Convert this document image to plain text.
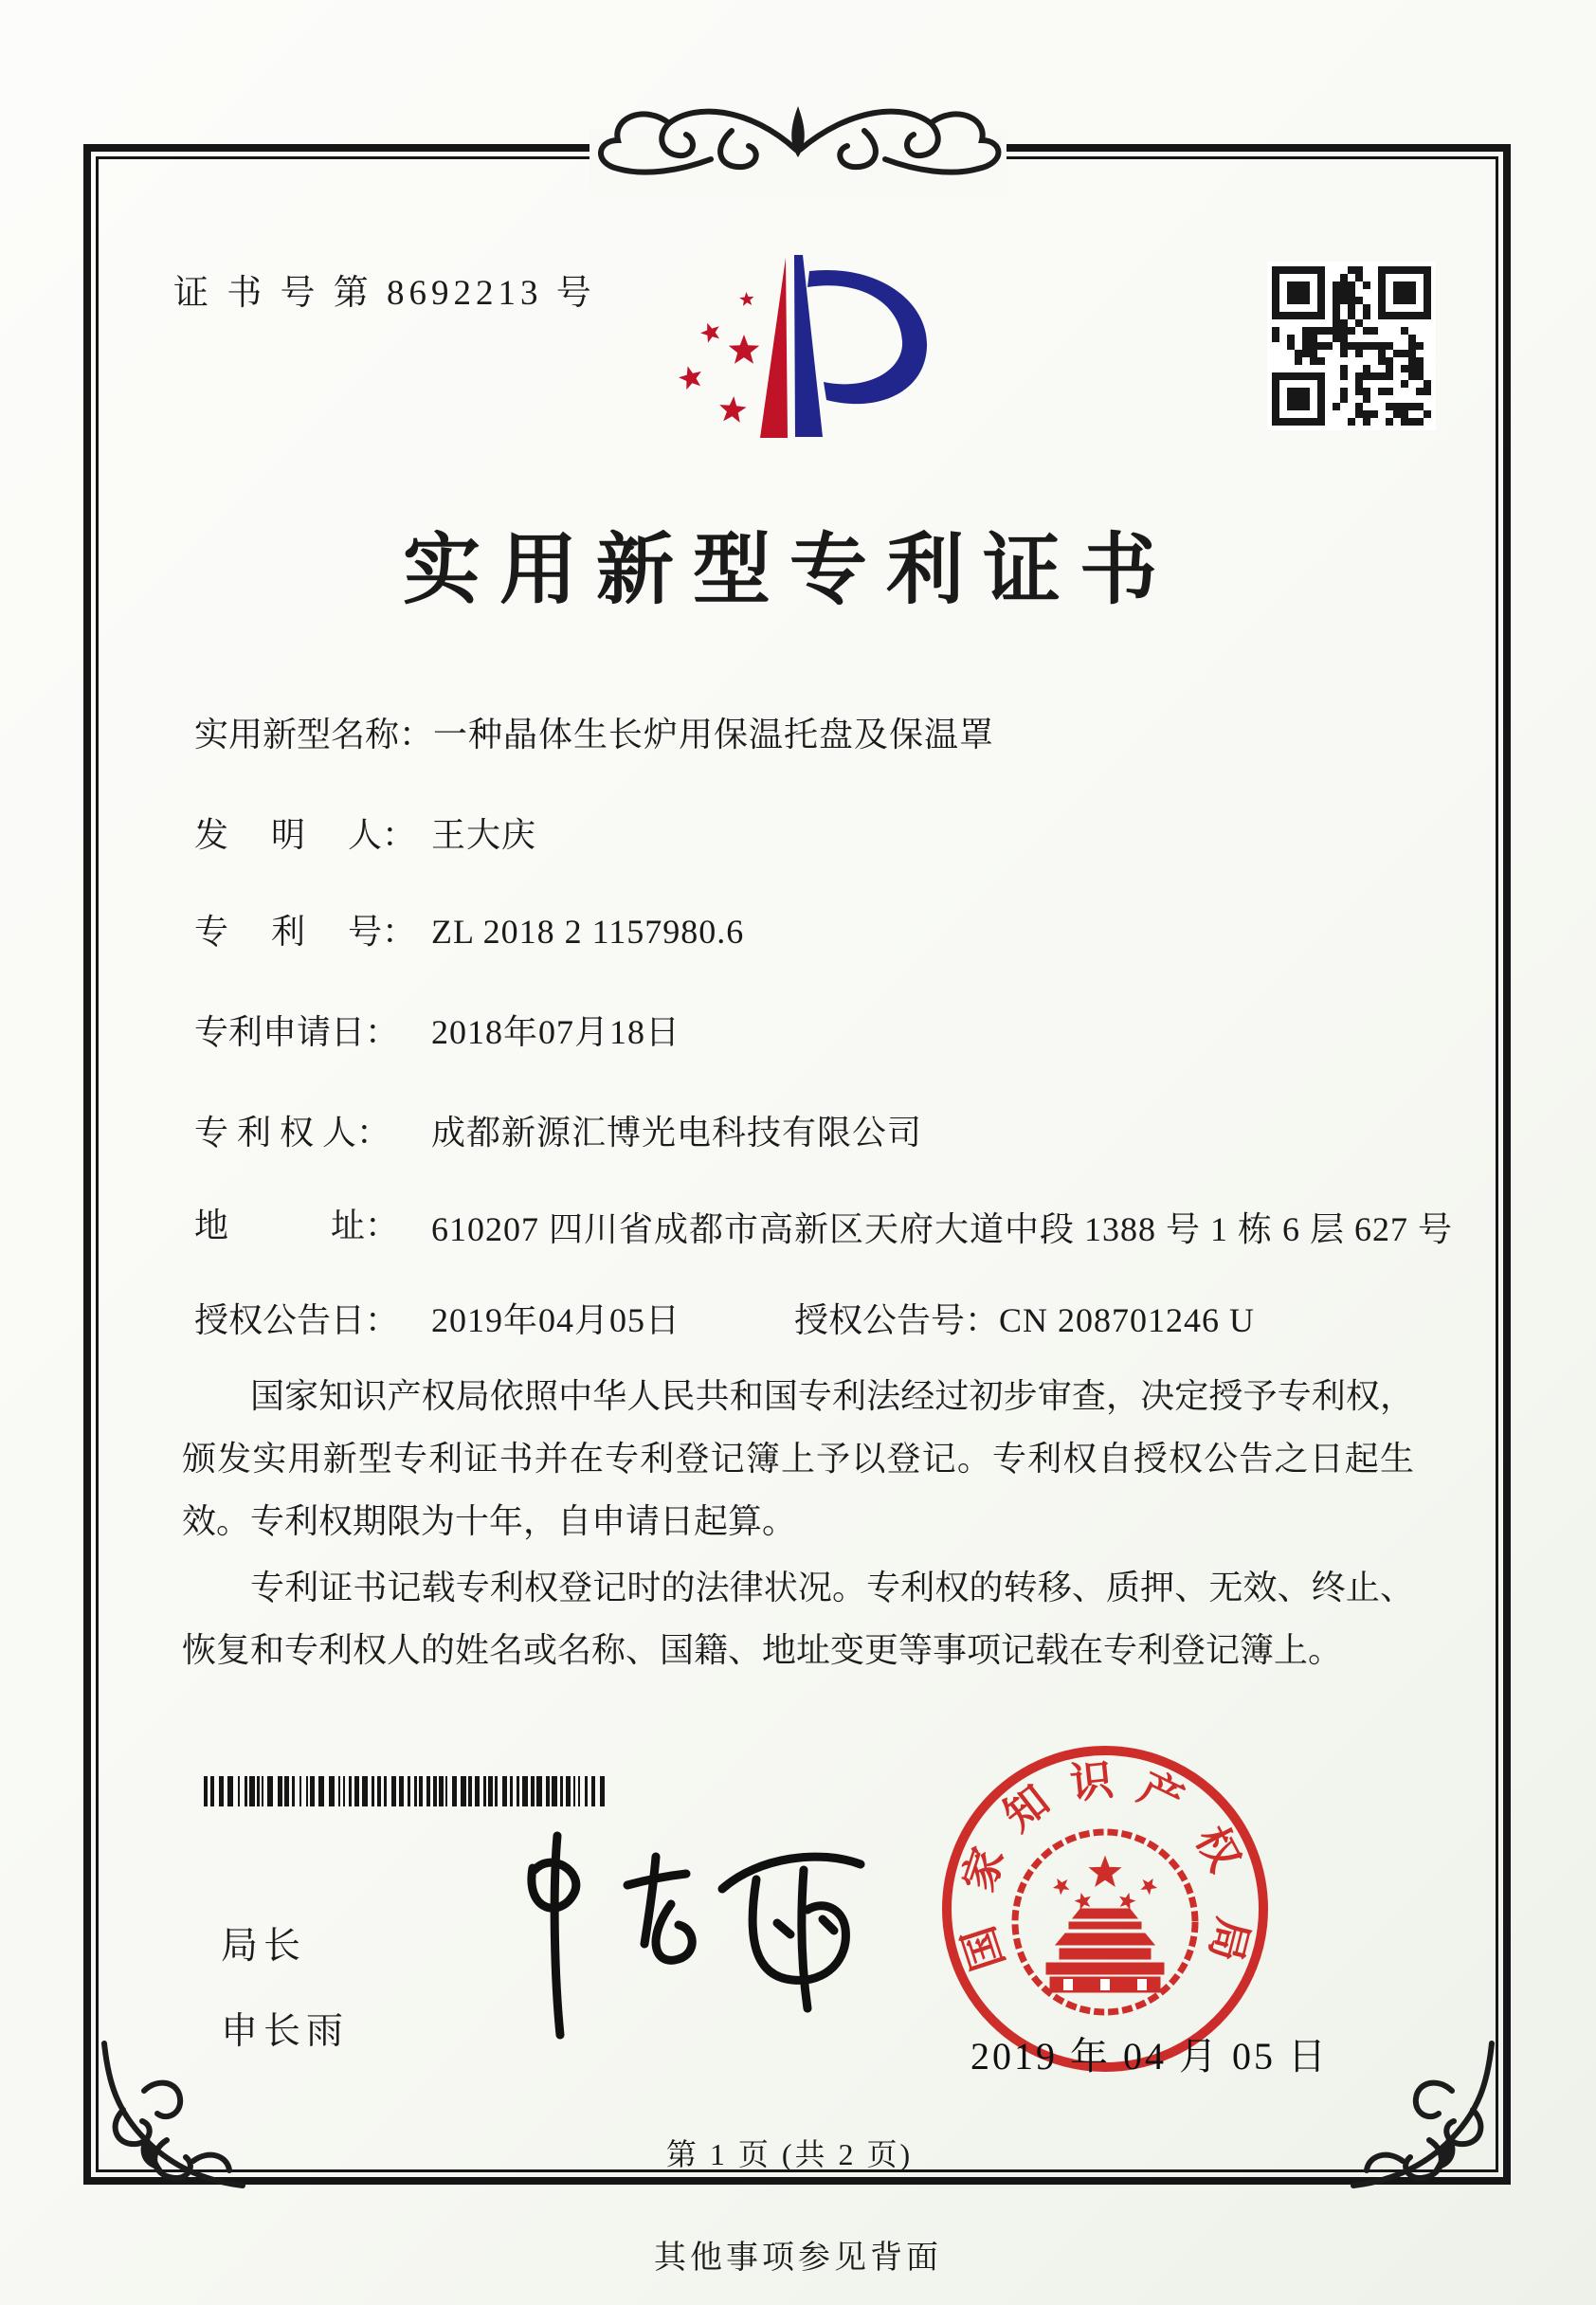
证 书 号 第 8692213 号
实用新型专利证书
实用新型名称：一种晶体生长炉用保温托盘及保温罩
发　 明　 人： 王大庆
专　 利　 号： ZL 2018 2 1157980.6
专利申请日： 2018年07月18日
专 利 权 人： 成都新源汇博光电科技有限公司
地　　　址： 610207 四川省成都市高新区天府大道中段 1388 号 1 栋 6 层 627 号
授权公告日： 2019年04月05日	授权公告号：CN 208701246 U

国家知识产权局依照中华人民共和国专利法经过初步审查，决定授予专利权，颁发实用新型专利证书并在专利登记簿上予以登记。专利权自授权公告之日起生效。专利权期限为十年，自申请日起算。

专利证书记载专利权登记时的法律状况。专利权的转移、质押、无效、终止、恢复和专利权人的姓名或名称、国籍、地址变更等事项记载在专利登记簿上。

局长
申长雨
国
家
知 识 产
权
局
2019 年 04 月 05 日
第 1 页 (共 2 页)
其他事项参见背面
